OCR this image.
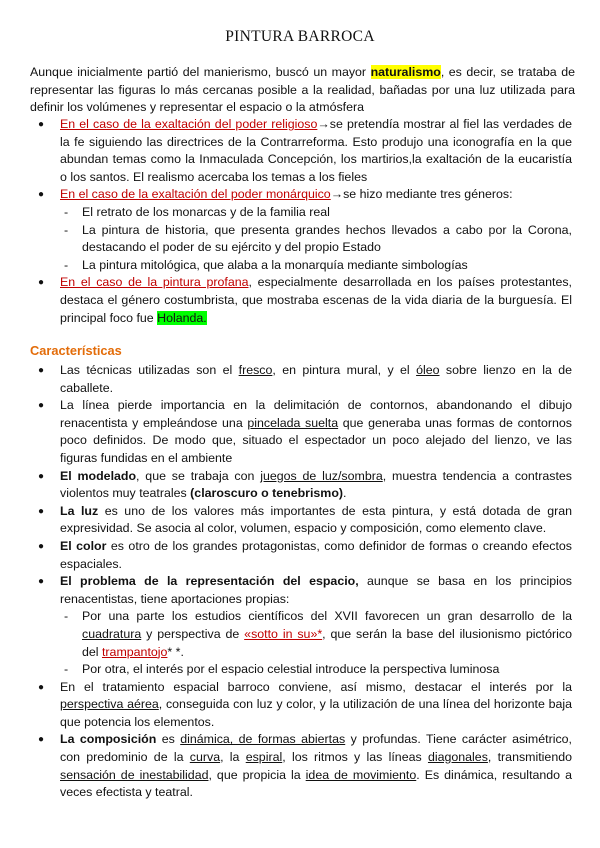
PINTURA BARROCA
Aunque inicialmente partió del manierismo, buscó un mayor naturalismo, es decir, se trataba de representar las figuras lo más cercanas posible a la realidad, bañadas por una luz utilizada para definir los volúmenes y representar el espacio o la atmósfera
● En el caso de la exaltación del poder religioso→se pretendía mostrar al fiel las verdades de la fe siguiendo las directrices de la Contrarreforma. Esto produjo una iconografía en la que abundan temas como la Inmaculada Concepción, los martirios,la exaltación de la eucaristía o los santos. El realismo acercaba los temas a los fieles
● En el caso de la exaltación del poder monárquico→se hizo mediante tres géneros:
- El retrato de los monarcas y de la familia real
- La pintura de historia, que presenta grandes hechos llevados a cabo por la Corona, destacando el poder de su ejército y del propio Estado
- La pintura mitológica, que alaba a la monarquía mediante simbologías
● En el caso de la pintura profana, especialmente desarrollada en los países protestantes, destaca el género costumbrista, que mostraba escenas de la vida diaria de la burguesía. El principal foco fue Holanda.
Características
● Las técnicas utilizadas son el fresco, en pintura mural, y el óleo sobre lienzo en la de caballete.
● La línea pierde importancia en la delimitación de contornos, abandonando el dibujo renacentista y empleándose una pincelada suelta que generaba unas formas de contornos poco definidos. De modo que, situado el espectador un poco alejado del lienzo, ve las figuras fundidas en el ambiente
● El modelado, que se trabaja con juegos de luz/sombra, muestra tendencia a contrastes violentos muy teatrales (claroscuro o tenebrismo).
● La luz es uno de los valores más importantes de esta pintura, y está dotada de gran expresividad. Se asocia al color, volumen, espacio y composición, como elemento clave.
● El color es otro de los grandes protagonistas, como definidor de formas o creando efectos espaciales.
● El problema de la representación del espacio, aunque se basa en los principios renacentistas, tiene aportaciones propias:
- Por una parte los estudios científicos del XVII favorecen un gran desarrollo de la cuadratura y perspectiva de «sotto in su»*, que serán la base del ilusionismo pictórico del trampantojo* *.
- Por otra, el interés por el espacio celestial introduce la perspectiva luminosa
● En el tratamiento espacial barroco conviene, así mismo, destacar el interés por la perspectiva aérea, conseguida con luz y color, y la utilización de una línea del horizonte baja que potencia los elementos.
● La composición es dinámica, de formas abiertas y profundas. Tiene carácter asimétrico, con predominio de la curva, la espiral, los ritmos y las líneas diagonales, transmitiendo sensación de inestabilidad, que propicia la idea de movimiento. Es dinámica, resultando a veces efectista y teatral.
